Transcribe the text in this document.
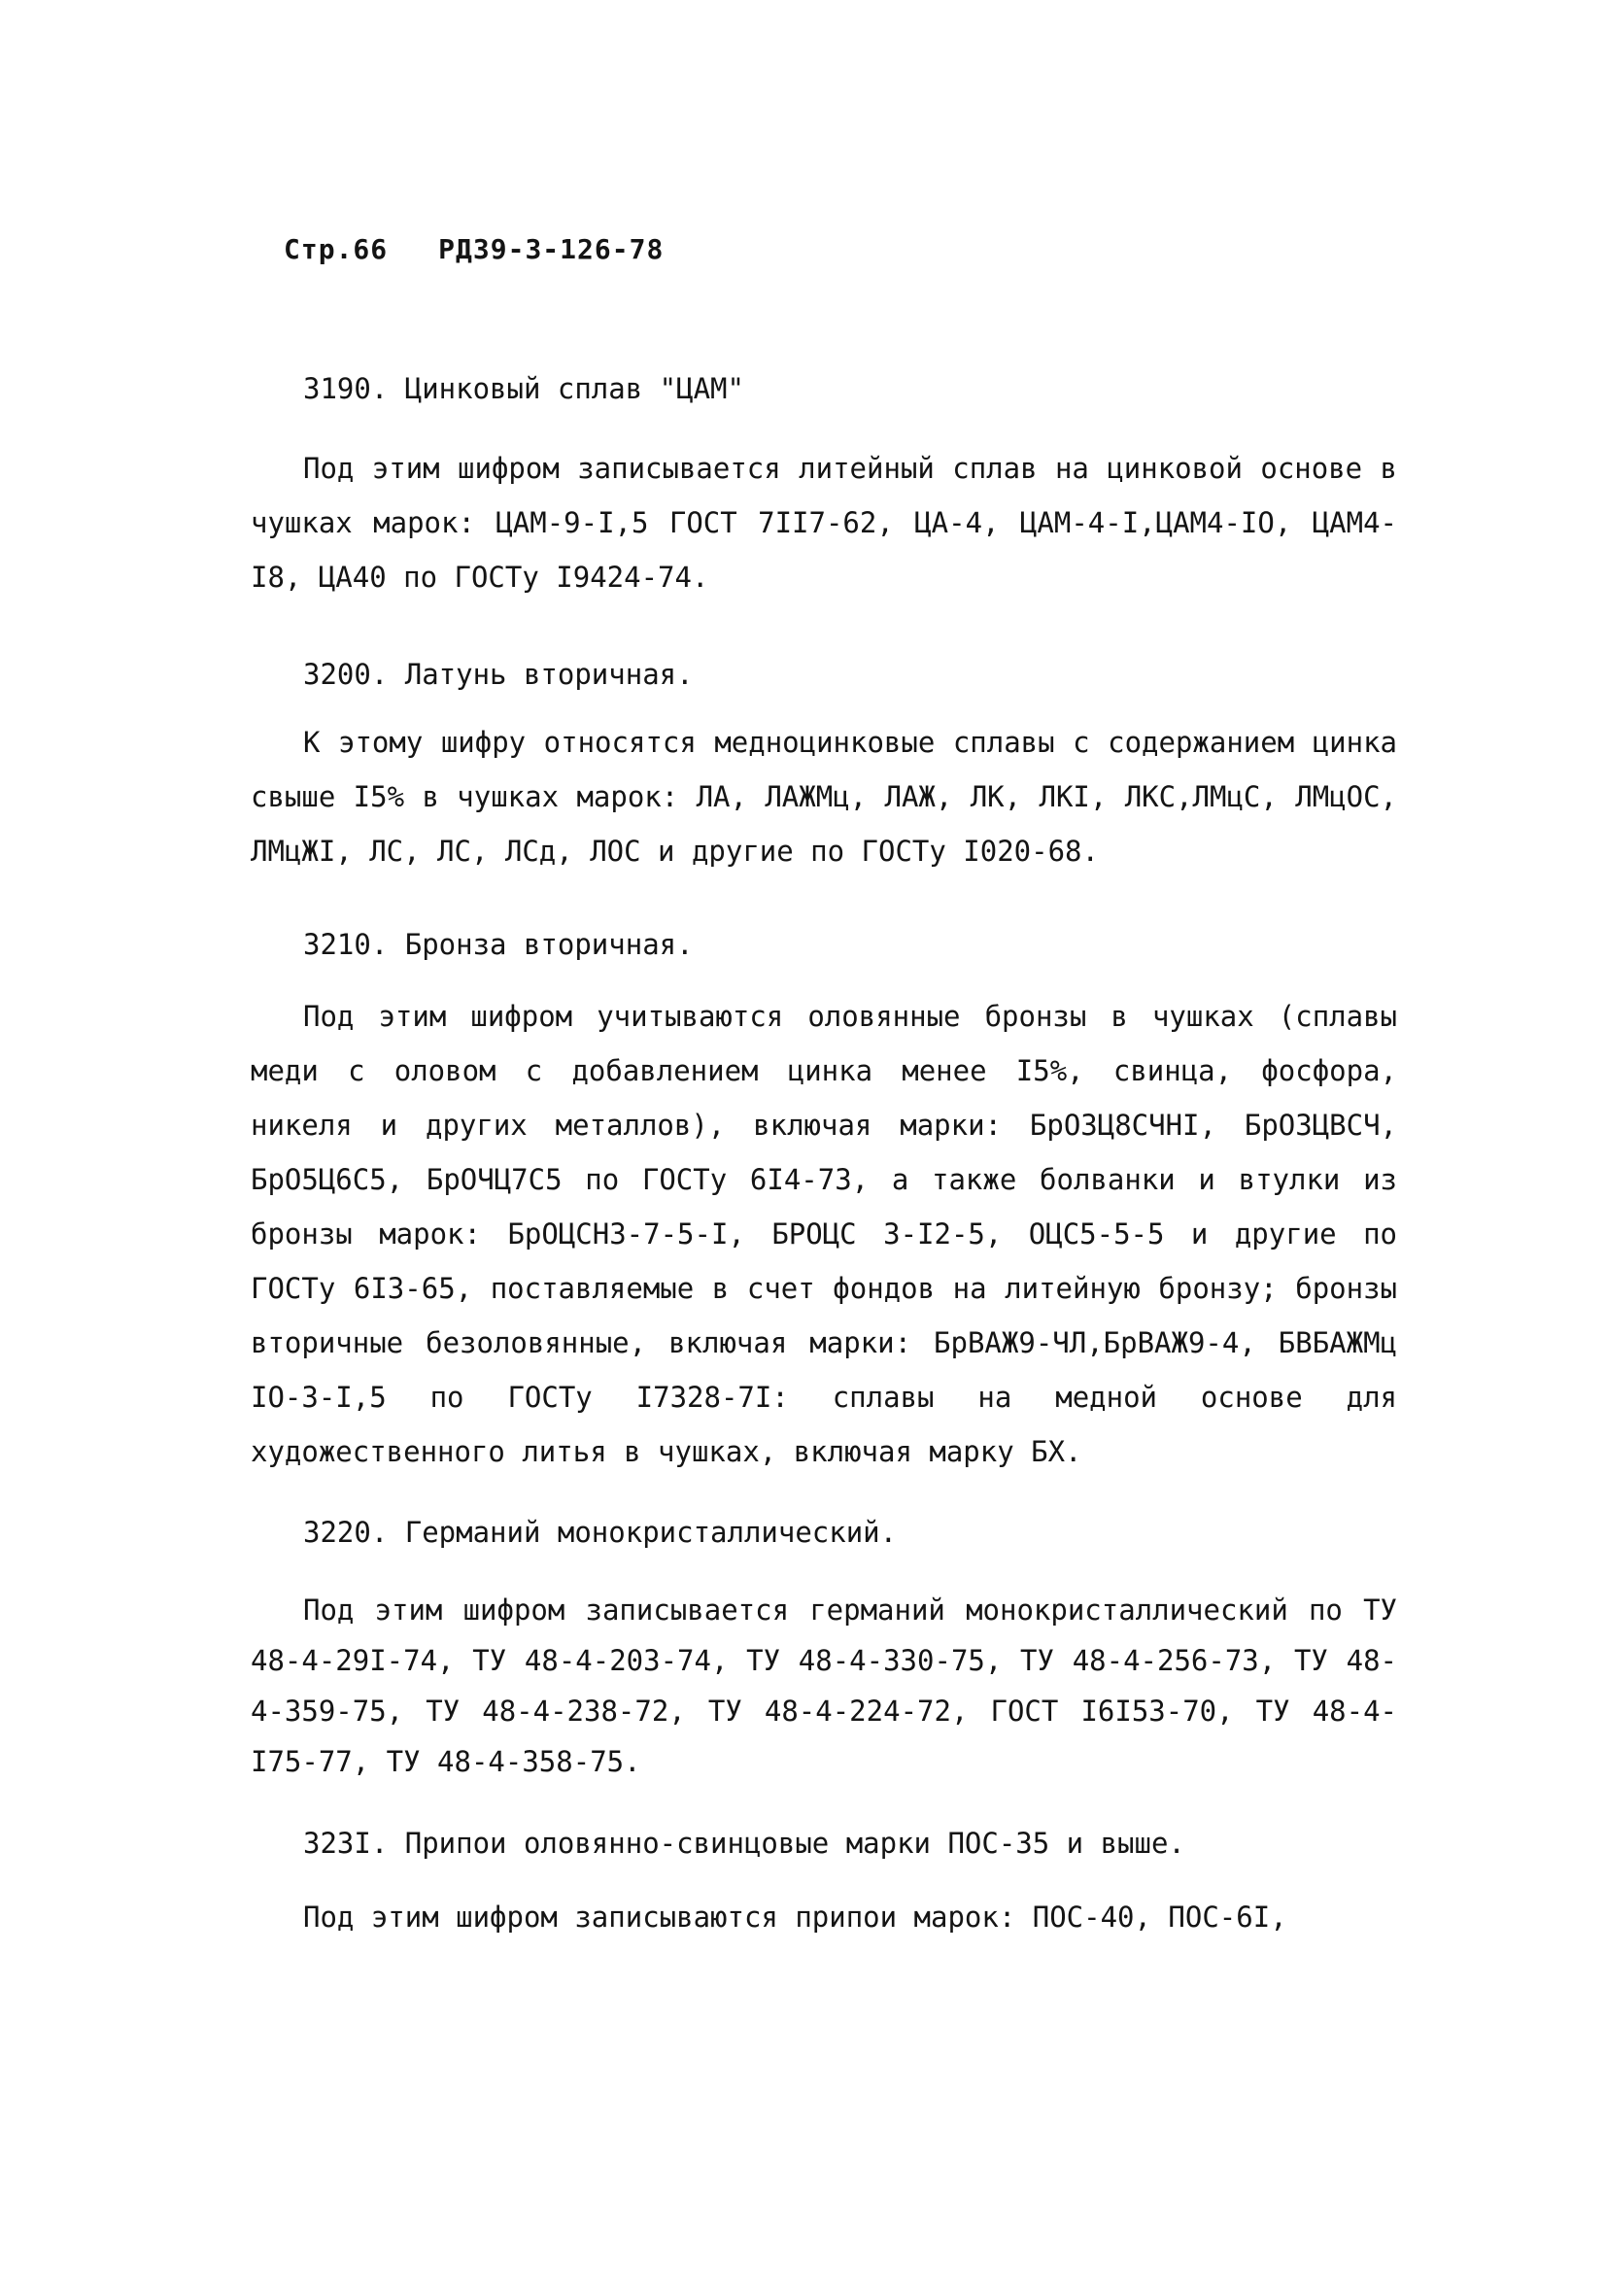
Стр.66 РДЗ9-3-126-78
3190. Цинковый сплав "ЦАМ"

Под этим шифром записывается литейный сплав на цинковой основе в чушках марок: ЦАМ-9-I,5 ГОСТ 7II7-62, ЦА-4, ЦАМ-4-I,ЦАМ4-IO, ЦАМ4-I8, ЦА40 по ГОСТу I9424-74.

3200. Латунь вторичная.

К этому шифру относятся медноцинковые сплавы с содержанием цинка свыше I5% в чушках марок: ЛА, ЛАЖМц, ЛАЖ, ЛК, ЛКI, ЛКС,ЛМцС, ЛМцОС, ЛМцЖI, ЛС, ЛС, ЛСд, ЛОС и другие по ГОСТу I020-68.

3210. Бронза вторичная.

Под этим шифром учитываются оловянные бронзы в чушках (сплавы меди с оловом с добавлением цинка менее I5%, свинца, фосфора, никеля и других металлов), включая марки: БрОЗЦ8СЧНI, БрОЗЦВСЧ, БрО5Ц6С5, БрОЧЦ7С5 по ГОСТу 6I4-73, а также болванки и втулки из бронзы марок: БрОЦСНЗ-7-5-I, БРОЦС 3-I2-5, ОЦС5-5-5 и другие по ГОСТу 6I3-65, поставляемые в счет фондов на литейную бронзу; бронзы вторичные безоловянные, включая марки: БрВАЖ9-ЧЛ,БрВАЖ9-4, БВБАЖМц IO-3-I,5 по ГОСТу I7328-7I: сплавы на медной основе для художественного литья в чушках, включая марку БХ.

3220. Германий монокристаллический.

Под этим шифром записывается германий монокристаллический по ТУ 48-4-29I-74, ТУ 48-4-203-74, ТУ 48-4-330-75, ТУ 48-4-256-73, ТУ 48-4-359-75, ТУ 48-4-238-72, ТУ 48-4-224-72, ГОСТ I6I53-70, ТУ 48-4-I75-77, ТУ 48-4-358-75.

323I. Припои оловянно-свинцовые марки ПОС-35 и выше.

Под этим шифром записываются припои марок: ПОС-40, ПОС-6I,
